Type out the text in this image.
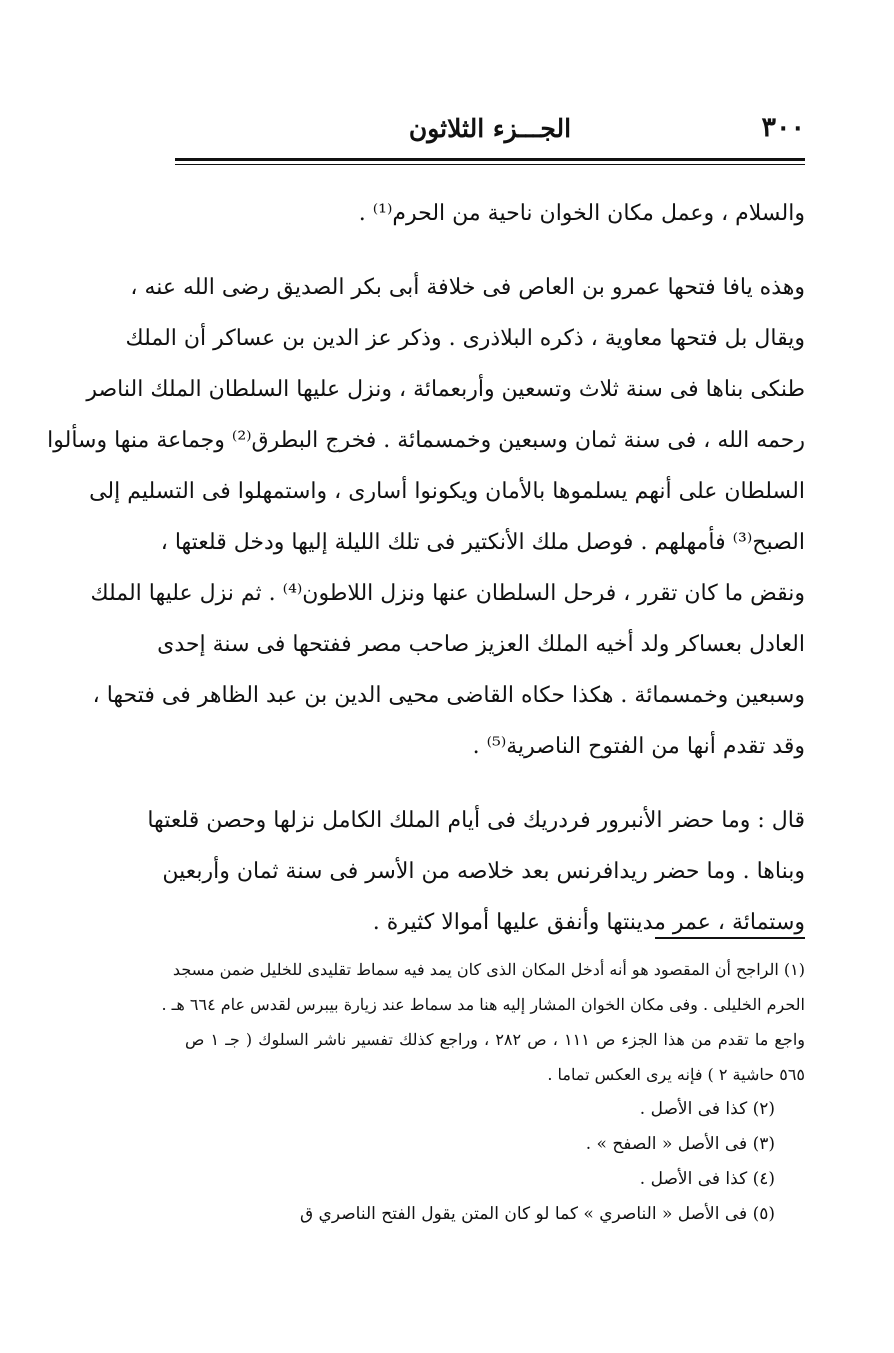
٣٠٠
الجـــزء الثلاثون
والسلام ، وعمل مكان الخوان ناحية من الحرم⁽¹⁾ .
وهذه يافا فتحها عمرو بن العاص فى خلافة أبى بكر الصديق رضى الله عنه ،
ويقال بل فتحها معاوية ، ذكره البلاذرى . وذكر عز الدين بن عساكر أن الملك
طنكى بناها فى سنة ثلاث وتسعين وأربعمائة ، ونزل عليها السلطان الملك الناصر
رحمه الله ، فى سنة ثمان وسبعين وخمسمائة . فخرج البطرق⁽²⁾ وجماعة منها وسألوا
السلطان على أنهم يسلموها بالأمان ويكونوا أسارى ، واستمهلوا فى التسليم إلى
الصبح⁽³⁾ فأمهلهم . فوصل ملك الأنكتير فى تلك الليلة إليها ودخل قلعتها ،
ونقض ما كان تقرر ، فرحل السلطان عنها ونزل اللاطون⁽⁴⁾ . ثم نزل عليها الملك
العادل بعساكر ولد أخيه الملك العزيز صاحب مصر ففتحها فى سنة إحدى
وسبعين وخمسمائة . هكذا حكاه القاضى محيى الدين بن عبد الظاهر فى فتحها ،
وقد تقدم أنها من الفتوح الناصرية⁽⁵⁾ .
قال : وما حضر الأنبرور فردريك فى أيام الملك الكامل نزلها وحصن قلعتها
وبناها . وما حضر ريدافرنس بعد خلاصه من الأسر فى سنة ثمان وأربعين
وستمائة ، عمر مدينتها وأنفق عليها أموالا كثيرة .
(١) الراجح أن المقصود هو أنه أدخل المكان الذى كان يمد فيه سماط تقليدى للخليل ضمن مسجد
الحرم الخليلى . وفى مكان الخوان المشار إليه هنا مد سماط عند زيارة بيبرس لقدس عام ٦٦٤ هـ .
واجع ما تقدم من هذا الجزء ص ١١١ ، ص ٢٨٢ ، وراجع كذلك تفسير ناشر السلوك ( جـ ١ ص
٥٦٥ حاشية ٢ ) فإنه يرى العكس تماما .
(٢) كذا فى الأصل .
(٣) فى الأصل « الصفح » .
(٤) كذا فى الأصل .
(٥) فى الأصل « الناصري » كما لو كان المتن يقول الفتح الناصري ق
